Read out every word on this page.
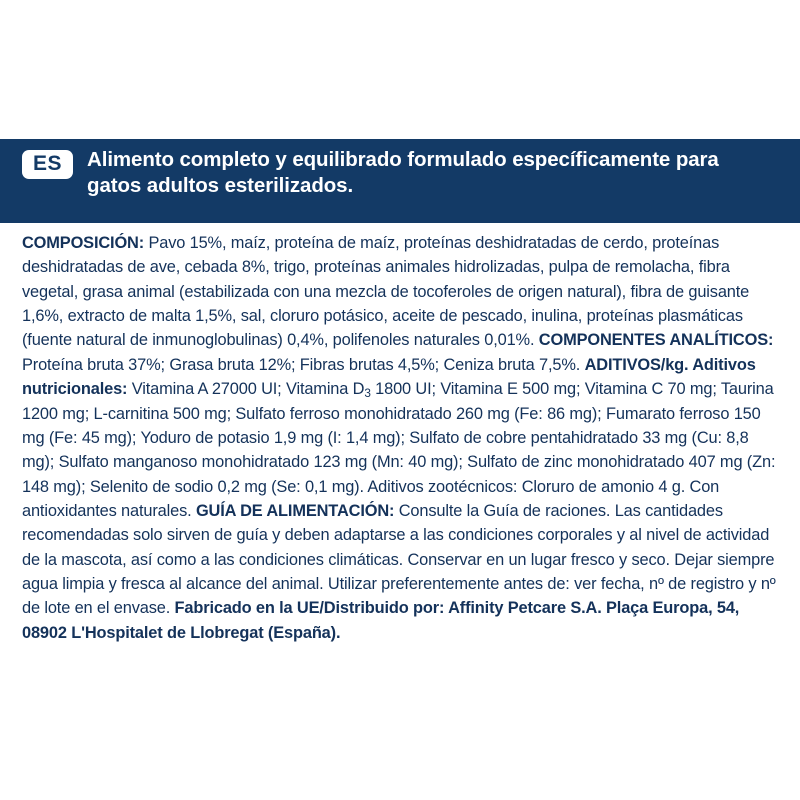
ES	Alimento completo y equilibrado formulado específicamente para gatos adultos esterilizados.

COMPOSICIÓN: Pavo 15%, maíz, proteína de maíz, proteínas deshidratadas de cerdo, proteínas deshidratadas de ave, cebada 8%, trigo, proteínas animales hidrolizadas, pulpa de remolacha, fibra vegetal, grasa animal (estabilizada con una mezcla de tocoferoles de origen natural), fibra de guisante 1,6%, extracto de malta 1,5%, sal, cloruro potásico, aceite de pescado, inulina, proteínas plasmáticas (fuente natural de inmunoglobulinas) 0,4%, polifenoles naturales 0,01%. COMPONENTES ANALÍTICOS: Proteína bruta 37%; Grasa bruta 12%; Fibras brutas 4,5%; Ceniza bruta 7,5%. ADITIVOS/kg. Aditivos nutricionales: Vitamina A 27000 UI; Vitamina $D_3$ 1800 UI; Vitamina E 500 mg; Vitamina C 70 mg; Taurina 1200 mg; L-carnitina 500 mg; Sulfato ferroso monohidratado 260 mg (Fe: 86 mg); Fumarato ferroso 150 mg (Fe: 45 mg); Yoduro de potasio 1,9 mg (I: 1,4 mg); Sulfato de cobre pentahidratado 33 mg (Cu: 8,8 mg); Sulfato manganoso monohidratado 123 mg (Mn: 40 mg); Sulfato de zinc monohidratado 407 mg (Zn: 148 mg); Selenito de sodio 0,2 mg (Se: 0,1 mg). Aditivos zootécnicos: Cloruro de amonio 4 g. Con antioxidantes naturales. GUÍA DE ALIMENTACIÓN: Consulte la Guía de raciones. Las cantidades recomendadas solo sirven de guía y deben adaptarse a las condiciones corporales y al nivel de actividad de la mascota, así como a las condiciones climáticas. Conservar en un lugar fresco y seco. Dejar siempre agua limpia y fresca al alcance del animal. Utilizar preferentemente antes de: ver fecha, nº de registro y nº de lote en el envase. Fabricado en la UE/Distribuido por: Affinity Petcare S.A. Plaça Europa, 54, 08902 L'Hospitalet de Llobregat (España).
